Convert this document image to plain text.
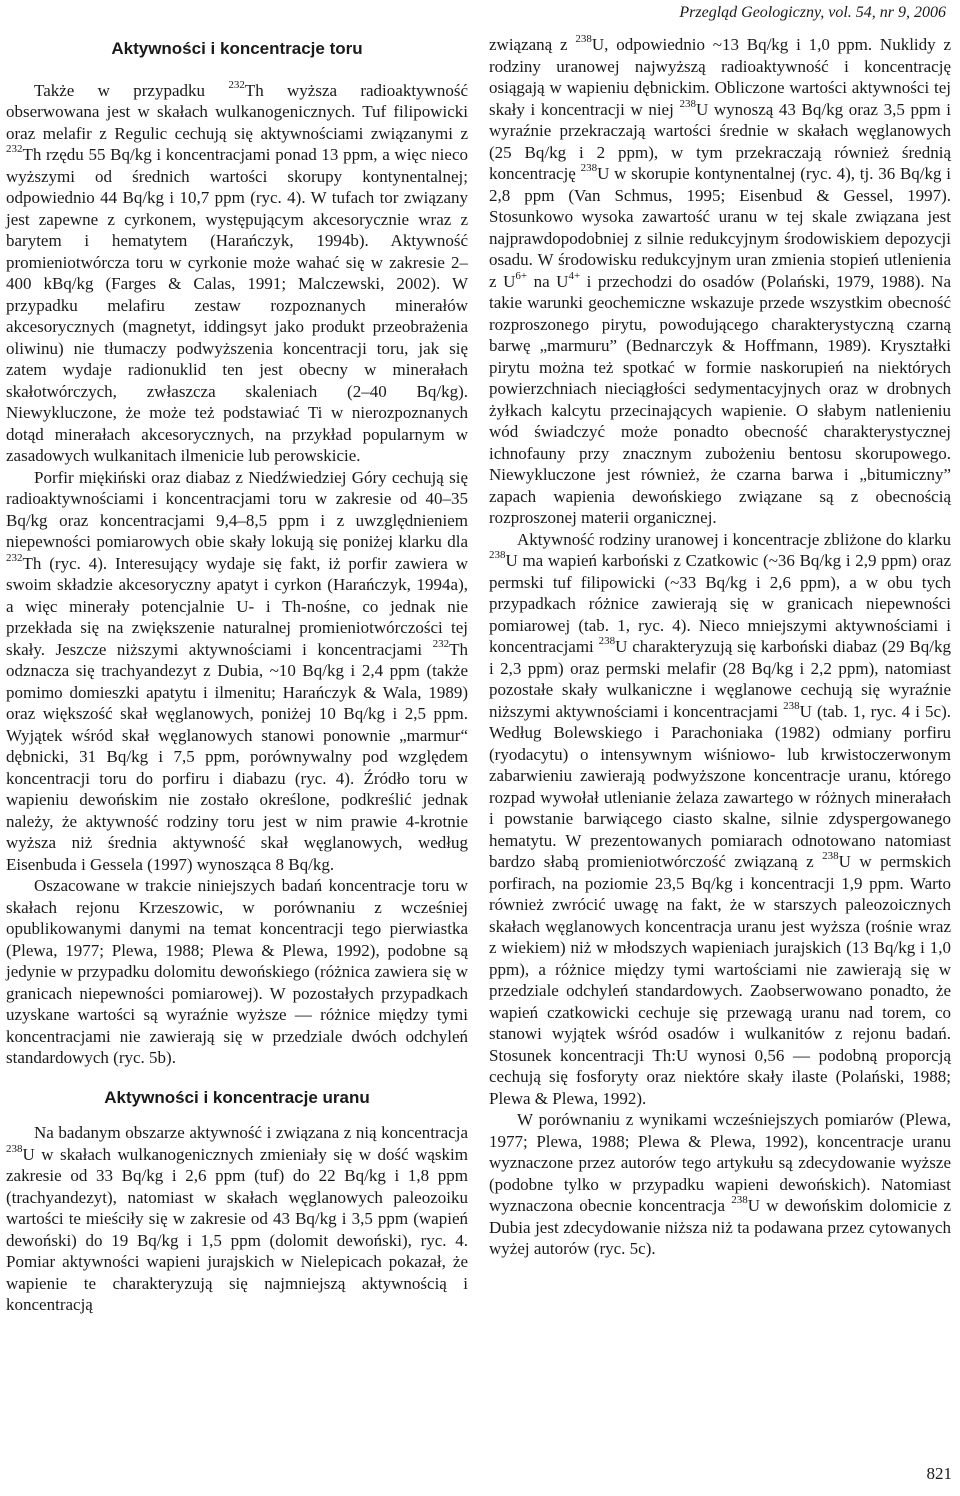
Przegląd Geologiczny, vol. 54, nr 9, 2006
Aktywności i koncentracje toru

Także w przypadku $^{232}$Th wyższa radioaktywność obserwowana jest w skałach wulkanogenicznych. Tuf filipowicki oraz melafir z Regulic cechują się aktywnościami związanymi z $^{232}$Th rzędu 55 Bq/kg i koncentracjami ponad 13 ppm, a więc nieco wyższymi od średnich wartości skorupy kontynentalnej; odpowiednio 44 Bq/kg i 10,7 ppm (ryc. 4). W tufach tor związany jest zapewne z cyrkonem, występującym akcesorycznie wraz z barytem i hematytem (Harańczyk, 1994b). Aktywność promieniotwórcza toru w cyrkonie może wahać się w zakresie 2–400 kBq/kg (Farges & Calas, 1991; Malczewski, 2002). W przypadku melafiru zestaw rozpoznanych minerałów akcesorycznych (magnetyt, iddingsyt jako produkt przeobrażenia oliwinu) nie tłumaczy podwyższenia koncentracji toru, jak się zatem wydaje radionuklid ten jest obecny w minerałach skałotwórczych, zwłaszcza skaleniach (2–40 Bq/kg). Niewykluczone, że może też podstawiać Ti w nierozpoznanych dotąd minerałach akcesorycznych, na przykład popularnym w zasadowych wulkanitach ilmenicie lub perowskicie.

Porfir miękiński oraz diabaz z Niedźwiedziej Góry cechują się radioaktywnościami i koncentracjami toru w zakresie od 40–35 Bq/kg oraz koncentracjami 9,4–8,5 ppm i z uwzględnieniem niepewności pomiarowych obie skały lokują się poniżej klarku dla $^{232}$Th (ryc. 4). Interesujący wydaje się fakt, iż porfir zawiera w swoim składzie akcesoryczny apatyt i cyrkon (Harańczyk, 1994a), a więc minerały potencjalnie U- i Th-nośne, co jednak nie przekłada się na zwiększenie naturalnej promieniotwórczości tej skały. Jeszcze niższymi aktywnościami i koncentracjami $^{232}$Th odznacza się trachyandezyt z Dubia, ~10 Bq/kg i 2,4 ppm (także pomimo domieszki apatytu i ilmenitu; Harańczyk & Wala, 1989) oraz większość skał węglanowych, poniżej 10 Bq/kg i 2,5 ppm. Wyjątek wśród skał węglanowych stanowi ponownie „marmur“ dębnicki, 31 Bq/kg i 7,5 ppm, porównywalny pod względem koncentracji toru do porfiru i diabazu (ryc. 4). Źródło toru w wapieniu dewońskim nie zostało określone, podkreślić jednak należy, że aktywność rodziny toru jest w nim prawie 4-krotnie wyższa niż średnia aktywność skał węglanowych, według Eisenbuda i Gessela (1997) wynosząca 8 Bq/kg.

Oszacowane w trakcie niniejszych badań koncentracje toru w skałach rejonu Krzeszowic, w porównaniu z wcześniej opublikowanymi danymi na temat koncentracji tego pierwiastka (Plewa, 1977; Plewa, 1988; Plewa & Plewa, 1992), podobne są jedynie w przypadku dolomitu dewońskiego (różnica zawiera się w granicach niepewności pomiarowej). W pozostałych przypadkach uzyskane wartości są wyraźnie wyższe — różnice między tymi koncentracjami nie zawierają się w przedziale dwóch odchyleń standardowych (ryc. 5b).

Aktywności i koncentracje uranu

Na badanym obszarze aktywność i związana z nią koncentracja $^{238}$U w skałach wulkanogenicznych zmieniały się w dość wąskim zakresie od 33 Bq/kg i 2,6 ppm (tuf) do 22 Bq/kg i 1,8 ppm (trachyandezyt), natomiast w skałach węglanowych paleozoiku wartości te mieściły się w zakresie od 43 Bq/kg i 3,5 ppm (wapień dewoński) do 19 Bq/kg i 1,5 ppm (dolomit dewoński), ryc. 4. Pomiar aktywności wapieni jurajskich w Nielepicach pokazał, że wapienie te charakteryzują się najmniejszą aktywnością i koncentracją

związaną z $^{238}$U, odpowiednio ~13 Bq/kg i 1,0 ppm. Nuklidy z rodziny uranowej najwyższą radioaktywność i koncentrację osiągają w wapieniu dębnickim. Obliczone wartości aktywności tej skały i koncentracji w niej $^{238}$U wynoszą 43 Bq/kg oraz 3,5 ppm i wyraźnie przekraczają wartości średnie w skałach węglanowych (25 Bq/kg i 2 ppm), w tym przekraczają również średnią koncentrację $^{238}$U w skorupie kontynentalnej (ryc. 4), tj. 36 Bq/kg i 2,8 ppm (Van Schmus, 1995; Eisenbud & Gessel, 1997). Stosunkowo wysoka zawartość uranu w tej skale związana jest najprawdopodobniej z silnie redukcyjnym środowiskiem depozycji osadu. W środowisku redukcyjnym uran zmienia stopień utlenienia z $U^{6+}$ na $U^{4+}$ i przechodzi do osadów (Polański, 1979, 1988). Na takie warunki geochemiczne wskazuje przede wszystkim obecność rozproszonego pirytu, powodującego charakterystyczną czarną barwę „marmuru” (Bednarczyk & Hoffmann, 1989). Kryształki pirytu można też spotkać w formie naskorupień na niektórych powierzchniach nieciągłości sedymentacyjnych oraz w drobnych żyłkach kalcytu przecinających wapienie. O słabym natlenieniu wód świadczyć może ponadto obecność charakterystycznej ichnofauny przy znacznym zubożeniu bentosu skorupowego. Niewykluczone jest również, że czarna barwa i „bitumiczny” zapach wapienia dewońskiego związane są z obecnością rozproszonej materii organicznej.

Aktywność rodziny uranowej i koncentracje zbliżone do klarku $^{238}$U ma wapień karboński z Czatkowic (~36 Bq/kg i 2,9 ppm) oraz permski tuf filipowicki (~33 Bq/kg i 2,6 ppm), a w obu tych przypadkach różnice zawierają się w granicach niepewności pomiarowej (tab. 1, ryc. 4). Nieco mniejszymi aktywnościami i koncentracjami $^{238}$U charakteryzują się karboński diabaz (29 Bq/kg i 2,3 ppm) oraz permski melafir (28 Bq/kg i 2,2 ppm), natomiast pozostałe skały wulkaniczne i węglanowe cechują się wyraźnie niższymi aktywnościami i koncentracjami $^{238}$U (tab. 1, ryc. 4 i 5c). Według Bolewskiego i Parachoniaka (1982) odmiany porfiru (ryodacytu) o intensywnym wiśniowo- lub krwistoczerwonym zabarwieniu zawierają podwyższone koncentracje uranu, którego rozpad wywołał utlenianie żelaza zawartego w różnych minerałach i powstanie barwiącego ciasto skalne, silnie zdyspergowanego hematytu. W prezentowanych pomiarach odnotowano natomiast bardzo słabą promieniotwórczość związaną z $^{238}$U w permskich porfirach, na poziomie 23,5 Bq/kg i koncentracji 1,9 ppm. Warto również zwrócić uwagę na fakt, że w starszych paleozoicznych skałach węglanowych koncentracja uranu jest wyższa (rośnie wraz z wiekiem) niż w młodszych wapieniach jurajskich (13 Bq/kg i 1,0 ppm), a różnice między tymi wartościami nie zawierają się w przedziale odchyleń standardowych. Zaobserwowano ponadto, że wapień czatkowicki cechuje się przewagą uranu nad torem, co stanowi wyjątek wśród osadów i wulkanitów z rejonu badań. Stosunek koncentracji Th:U wynosi 0,56 — podobną proporcją cechują się fosforyty oraz niektóre skały ilaste (Polański, 1988; Plewa & Plewa, 1992).

W porównaniu z wynikami wcześniejszych pomiarów (Plewa, 1977; Plewa, 1988; Plewa & Plewa, 1992), koncentracje uranu wyznaczone przez autorów tego artykułu są zdecydowanie wyższe (podobne tylko w przypadku wapieni dewońskich). Natomiast wyznaczona obecnie koncentracja $^{238}$U w dewońskim dolomicie z Dubia jest zdecydowanie niższa niż ta podawana przez cytowanych wyżej autorów (ryc. 5c).

821
